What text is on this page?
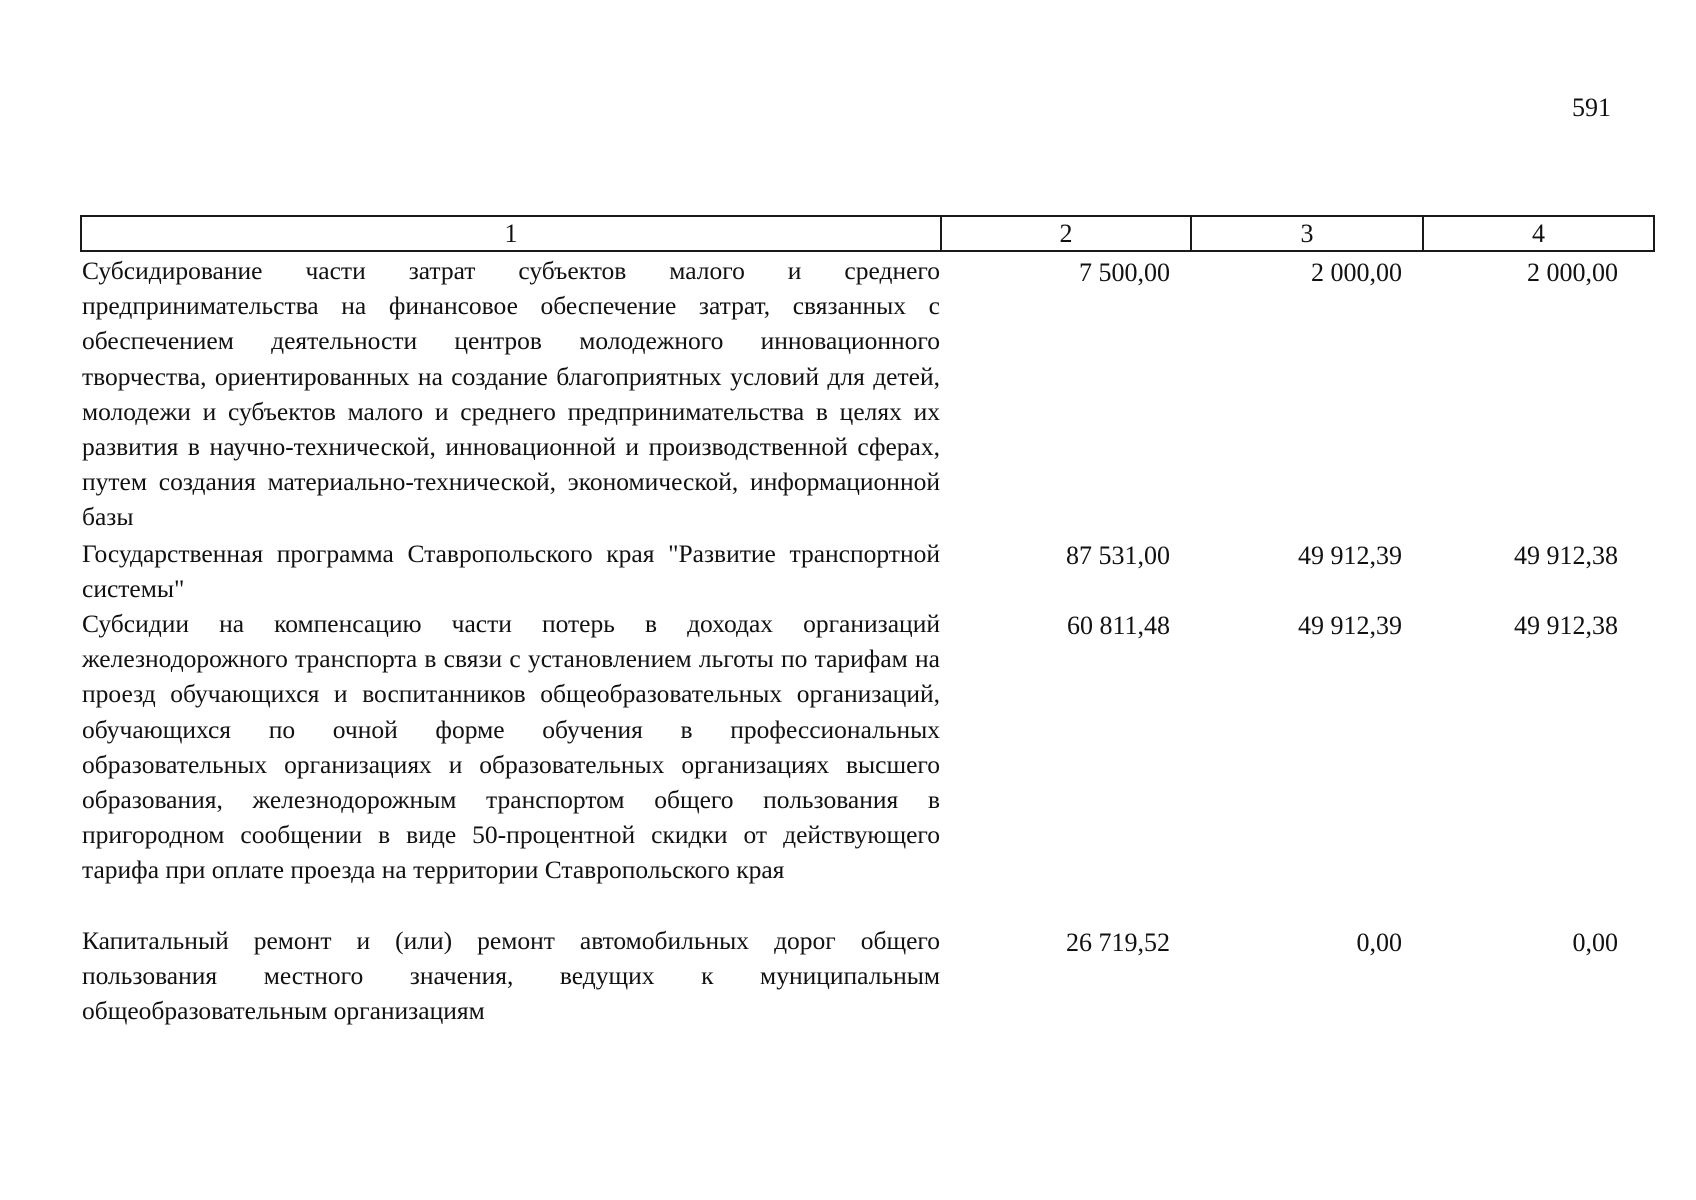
591
1	2	3	4
Субсидирование части затрат субъектов малого и среднего предпринимательства на финансовое обеспечение затрат, связанных с обеспечением деятельности центров молодежного инновационного творчества, ориентированных на создание благоприятных условий для детей, молодежи и субъектов малого и среднего предпринимательства в целях их развития в научно-технической, инновационной и производственной сферах, путем создания материально-технической, экономической, информационной базы
7 500,00	2 000,00	2 000,00
Государственная программа Ставропольского края "Развитие транспортной системы"
87 531,00	49 912,39	49 912,38
Субсидии на компенсацию части потерь в доходах организаций железнодорожного транспорта в связи с установлением льготы по тарифам на проезд обучающихся и воспитанников общеобразовательных организаций, обучающихся по очной форме обучения в профессиональных образовательных организациях и образовательных организациях высшего образования, железнодорожным транспортом общего пользования в пригородном сообщении в виде 50-процентной скидки от действующего тарифа при оплате проезда на территории Ставропольского края
60 811,48	49 912,39	49 912,38
Капитальный ремонт и (или) ремонт автомобильных дорог общего пользования местного значения, ведущих к муниципальным общеобразовательным организациям
26 719,52	0,00	0,00
